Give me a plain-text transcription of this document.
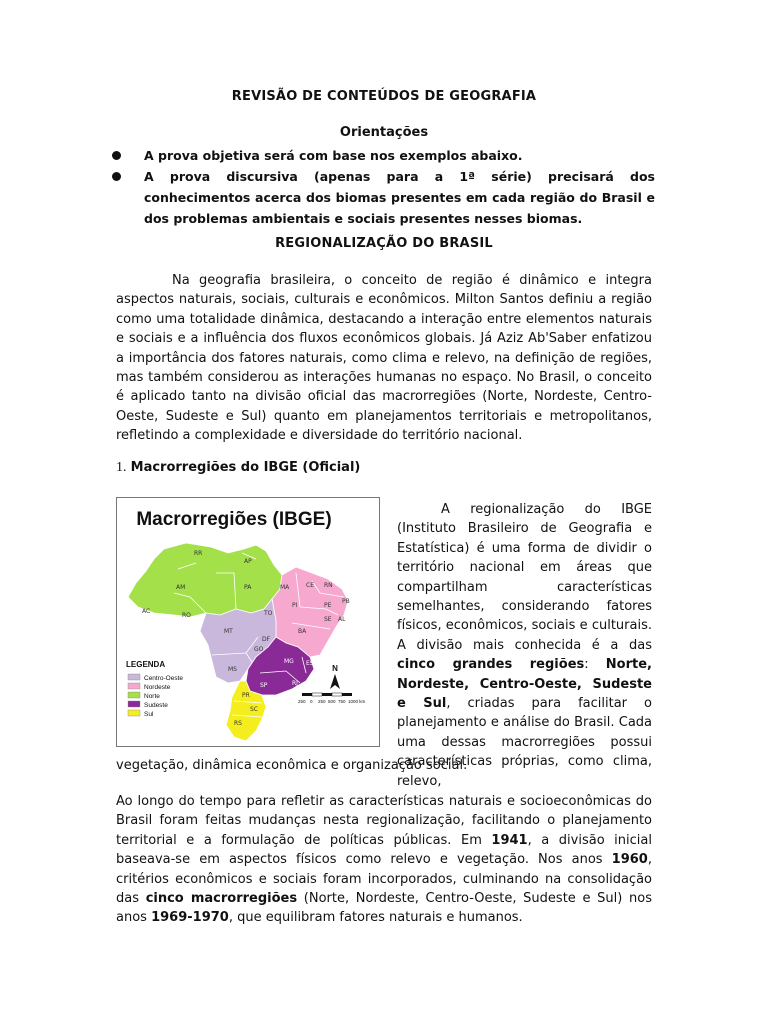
REVISÃO DE CONTEÚDOS DE GEOGRAFIA
Orientações
A prova objetiva será com base nos exemplos abaixo.
A prova discursiva (apenas para a 1ª série) precisará dos conhecimentos acerca dos biomas presentes em cada região do Brasil e dos problemas ambientais e sociais presentes nesses biomas.
REGIONALIZAÇÃO DO BRASIL

Na geografia brasileira, o conceito de região é dinâmico e integra aspectos naturais, sociais, culturais e econômicos. Milton Santos definiu a região como uma totalidade dinâmica, destacando a interação entre elementos naturais e sociais e a influência dos fluxos econômicos globais. Já Aziz Ab'Saber enfatizou a importância dos fatores naturais, como clima e relevo, na definição de regiões, mas também considerou as interações humanas no espaço. No Brasil, o conceito é aplicado tanto na divisão oficial das macrorregiões (Norte, Nordeste, Centro-Oeste, Sudeste e Sul) quanto em planejamentos territoriais e metropolitanos, refletindo a complexidade e diversidade do território nacional.

1. Macrorregiões do IBGE (Oficial)
Macrorregiões (IBGE)
RR
AP
AM	PA	MA	CE RN
PB
PE
AL
SE
BA
PI
TO
RO
AC
MT
GO
DF
MS
MG ES
RJ
SP
PR
SC
RS
LEGENDA
Centro-Oeste
Nordeste
Norte
Sudeste
Sul
N
250 0 250 500 750 1000 km

A regionalização do IBGE (Instituto Brasileiro de Geografia e Estatística) é uma forma de dividir o território nacional em áreas que compartilham características semelhantes, considerando fatores físicos, econômicos, sociais e culturais. A divisão mais conhecida é a das cinco grandes regiões: Norte, Nordeste, Centro-Oeste, Sudeste e Sul, criadas para facilitar o planejamento e análise do Brasil. Cada uma dessas macrorregiões possui características próprias, como clima, relevo,

vegetação, dinâmica econômica e organização social.

Ao longo do tempo para refletir as características naturais e socioeconômicas do Brasil foram feitas mudanças nesta regionalização, facilitando o planejamento territorial e a formulação de políticas públicas. Em 1941, a divisão inicial baseava-se em aspectos físicos como relevo e vegetação. Nos anos 1960, critérios econômicos e sociais foram incorporados, culminando na consolidação das cinco macrorregiões (Norte, Nordeste, Centro-Oeste, Sudeste e Sul) nos anos 1969-1970, que equilibram fatores naturais e humanos.
